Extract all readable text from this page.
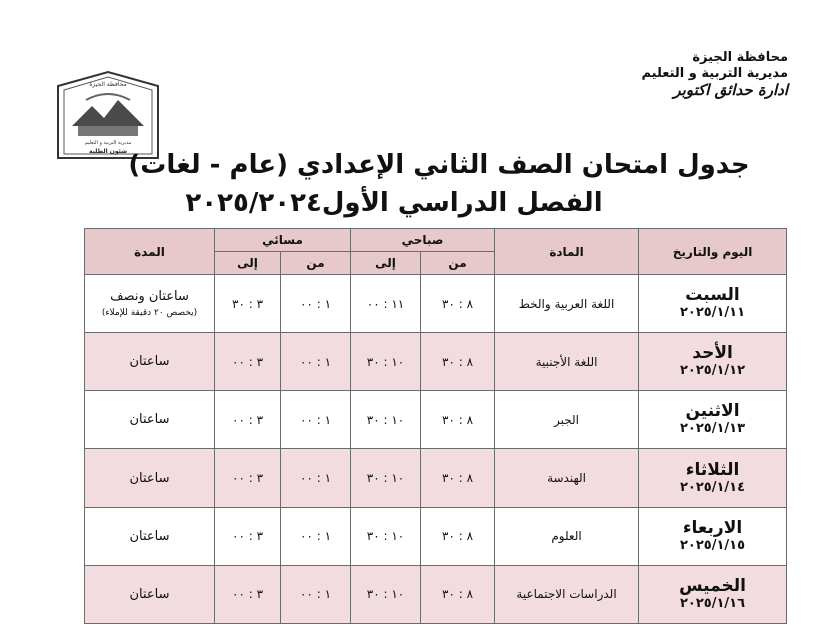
محافظة الجيزة
مديرية التربية و التعليم
ادارة حدائق اكتوبر
محافظة الجيزة
مديرية التربية و التعليم
شئون الطلبة جدول امتحان الصف الثاني الإعدادي (عام - لغات)
الفصل الدراسي الأول٢٠٢٥/٢٠٢٤
اليوم والتاريخ	المادة	صباحي		مسائي		المدة
		من	إلى	من	إلى	

السبت
٢٠٢٥/١/١١	اللغة العربية والخط	٨ : ٣٠	١١ : ٠٠	١ : ٠٠	٣ : ٣٠	ساعتان ونصف
(يخصص ٢٠ دقيقة للإملاء)

الأحد
٢٠٢٥/١/١٢	اللغة الأجنبية	٨ : ٣٠	١٠ : ٣٠	١ : ٠٠	٣ : ٠٠	ساعتان

الاثنين
٢٠٢٥/١/١٣	الجبر	٨ : ٣٠	١٠ : ٣٠	١ : ٠٠	٣ : ٠٠	ساعتان

الثلاثاء
٢٠٢٥/١/١٤	الهندسة	٨ : ٣٠	١٠ : ٣٠	١ : ٠٠	٣ : ٠٠	ساعتان

الاربعاء
٢٠٢٥/١/١٥	العلوم	٨ : ٣٠	١٠ : ٣٠	١ : ٠٠	٣ : ٠٠	ساعتان

الخميس
٢٠٢٥/١/١٦	الدراسات الاجتماعية	٨ : ٣٠	١٠ : ٣٠	١ : ٠٠	٣ : ٠٠	ساعتان
